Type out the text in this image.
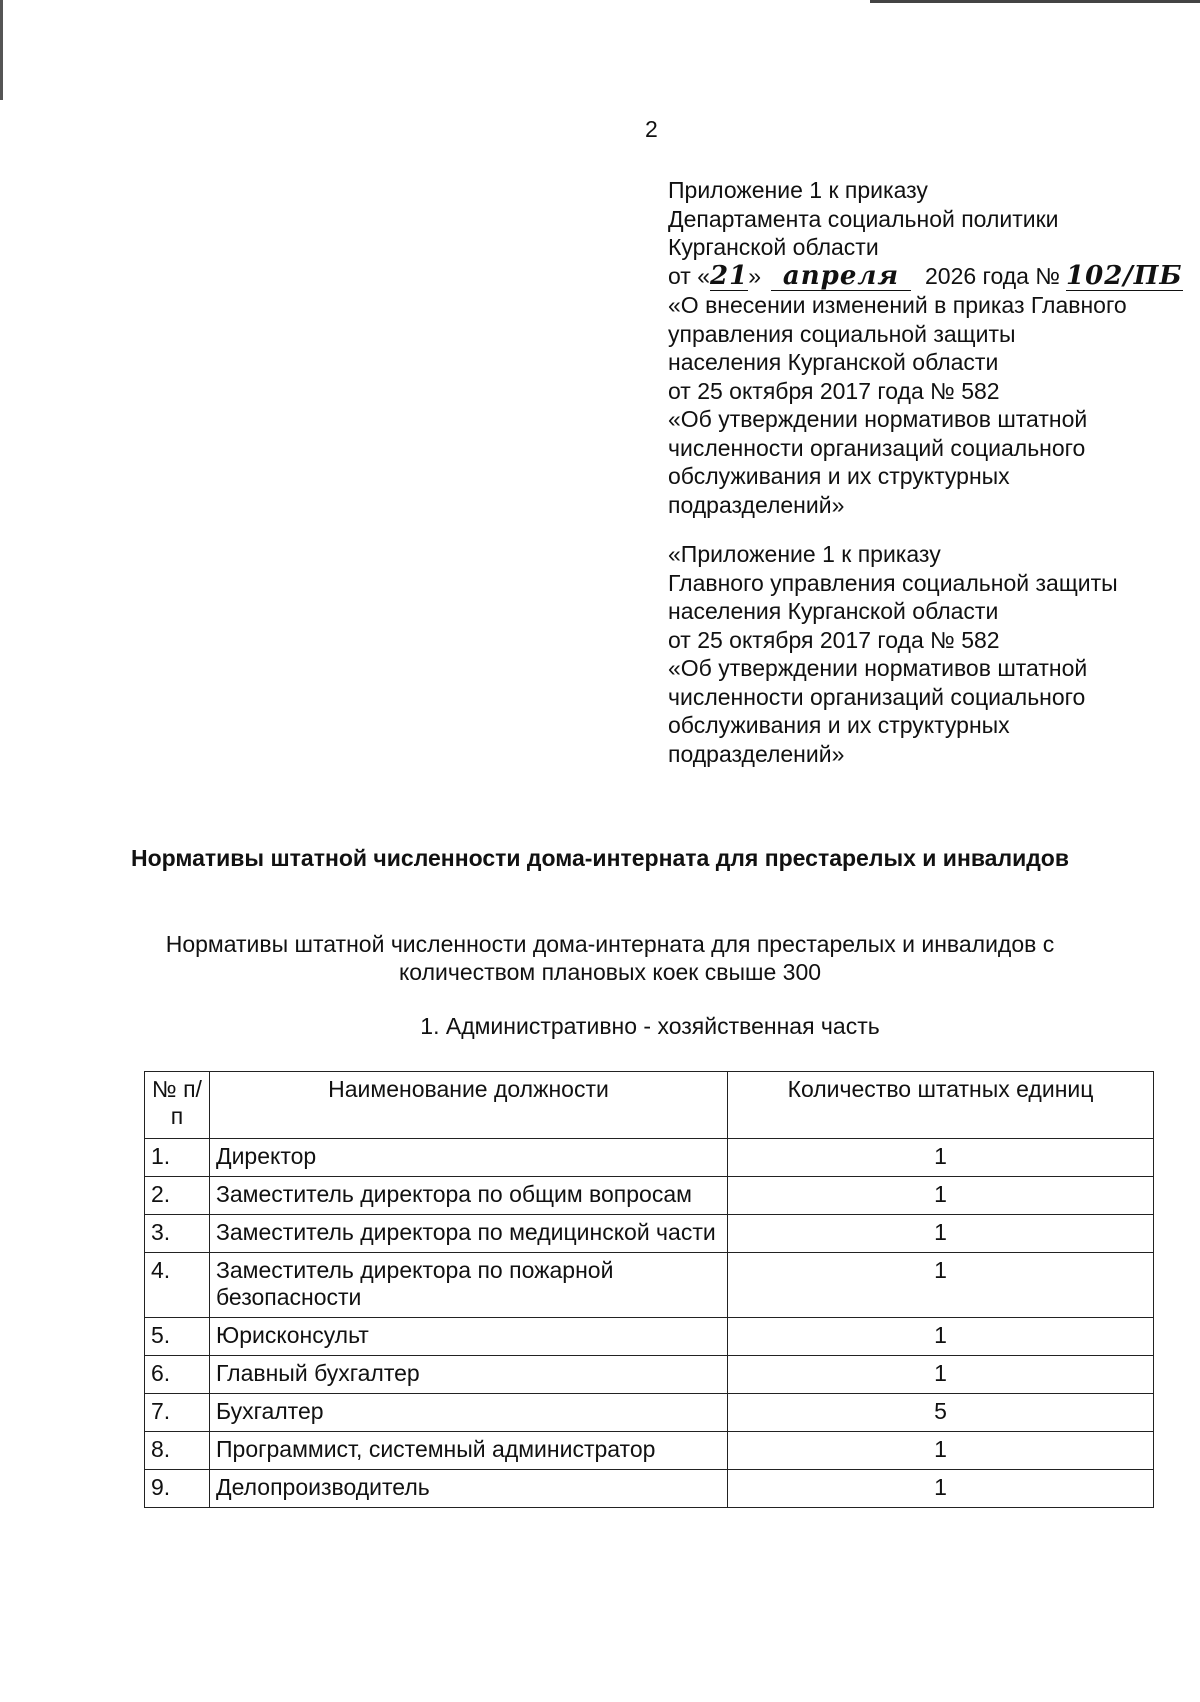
2
Приложение 1 к приказу
Департамента социальной политики
Курганской области
от «21» апреля 2026 года № 102/ПБ
«О внесении изменений в приказ Главного
управления социальной защиты
населения Курганской области
от 25 октября 2017 года № 582
«Об утверждении нормативов штатной
численности организаций социального
обслуживания и их структурных
подразделений»
«Приложение 1 к приказу
Главного управления социальной защиты
населения Курганской области
от 25 октября 2017 года № 582
«Об утверждении нормативов штатной
численности организаций социального
обслуживания и их структурных
подразделений»
Нормативы штатной численности дома-интерната для престарелых и инвалидов
Нормативы штатной численности дома-интерната для престарелых и инвалидов с количеством плановых коек свыше 300
1. Административно - хозяйственная часть
№ п/п	Наименование должности	Количество штатных единиц
1.	Директор	1
2.	Заместитель директора по общим вопросам	1
3.	Заместитель директора по медицинской части	1
4.	Заместитель директора по пожарной безопасности	1
5.	Юрисконсульт	1
6.	Главный бухгалтер	1
7.	Бухгалтер	5
8.	Программист, системный администратор	1
9.	Делопроизводитель	1
